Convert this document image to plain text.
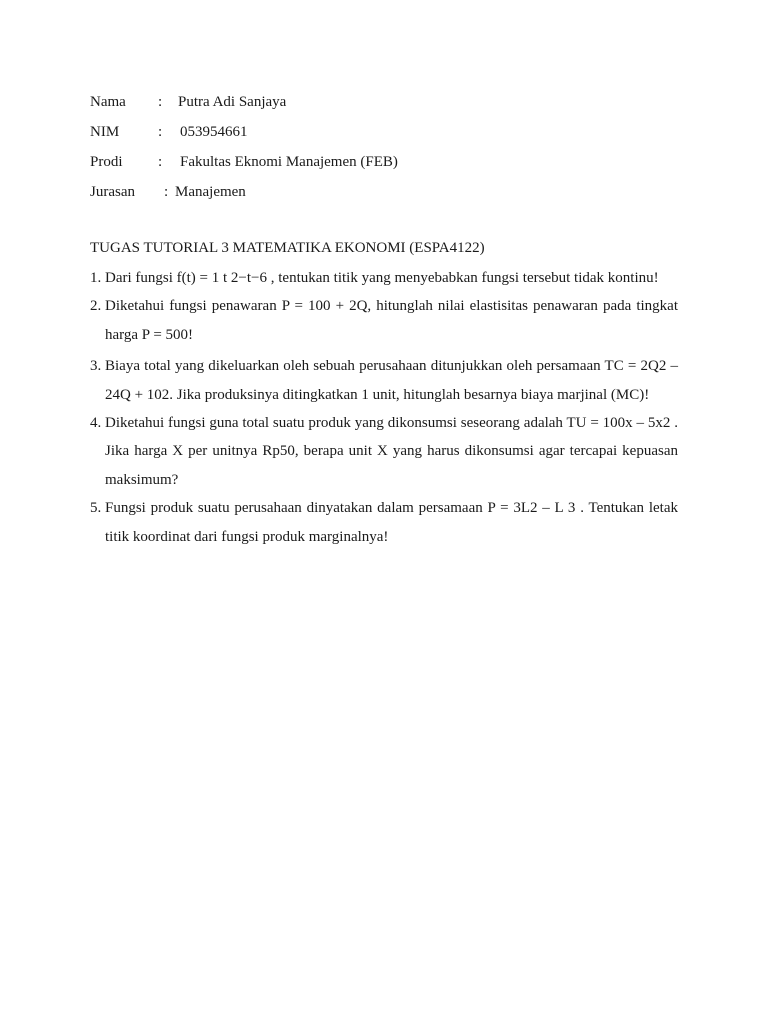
Nama : Putra Adi Sanjaya
NIM	: 053954661
Prodi : Fakultas Eknomi Manajemen (FEB)
Jurasan : Manajemen
TUGAS TUTORIAL 3 MATEMATIKA EKONOMI (ESPA4122)
1. Dari fungsi f(t) = 1 t 2−t−6 , tentukan titik yang menyebabkan fungsi tersebut tidak kontinu!
2. Diketahui fungsi penawaran P = 100 + 2Q, hitunglah nilai elastisitas penawaran pada tingkat
harga P = 500!
3. Biaya total yang dikeluarkan oleh sebuah perusahaan ditunjukkan oleh persamaan TC = 2Q2 –
24Q + 102. Jika produksinya ditingkatkan 1 unit, hitunglah besarnya biaya marjinal (MC)!
4. Diketahui fungsi guna total suatu produk yang dikonsumsi seseorang adalah TU = 100x – 5x2 .
Jika harga X per unitnya Rp50, berapa unit X yang harus dikonsumsi agar tercapai kepuasan
maksimum?
5. Fungsi produk suatu perusahaan dinyatakan dalam persamaan P = 3L2 – L 3 . Tentukan letak
titik koordinat dari fungsi produk marginalnya!
